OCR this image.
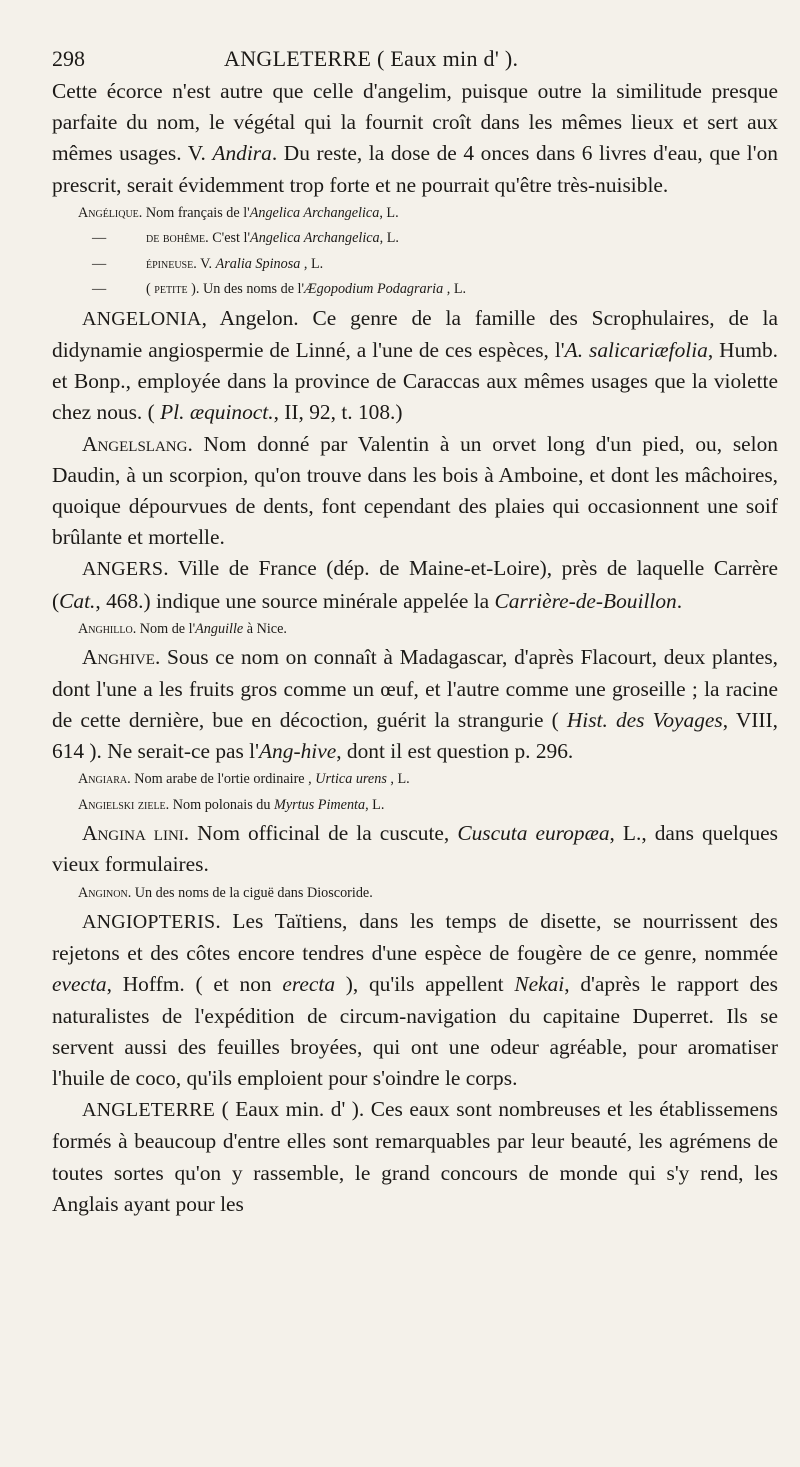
298	ANGLETERRE ( Eaux min d' ).

Cette écorce n'est autre que celle d'angelim, puisque outre la similitude presque parfaite du nom, le végétal qui la fournit croît dans les mêmes lieux et sert aux mêmes usages. V. Andira. Du reste, la dose de 4 onces dans 6 livres d'eau, que l'on prescrit, serait évidemment trop forte et ne pourrait qu'être très-nuisible.

Angélique. Nom français de l'Angelica Archangelica, L.

—	de bohême. C'est l'Angelica Archangelica, L.

—	épineuse. V. Aralia Spinosa , L.

—	( petite ). Un des noms de l'Ægopodium Podagraria , L.

ANGELONIA, Angelon. Ce genre de la famille des Scrophulaires, de la didynamie angiospermie de Linné, a l'une de ces espèces, l'A. salicariæfolia, Humb. et Bonp., employée dans la province de Caraccas aux mêmes usages que la violette chez nous. ( Pl. æquinoct., II, 92, t. 108.)

Angelslang. Nom donné par Valentin à un orvet long d'un pied, ou, selon Daudin, à un scorpion, qu'on trouve dans les bois à Amboine, et dont les mâchoires, quoique dépourvues de dents, font cependant des plaies qui occasionnent une soif brûlante et mortelle.

ANGERS. Ville de France (dép. de Maine-et-Loire), près de laquelle Carrère (Cat., 468.) indique une source minérale appelée la Carrière-de-Bouillon.

Anghillo. Nom de l'Anguille à Nice.

Anghive. Sous ce nom on connaît à Madagascar, d'après Flacourt, deux plantes, dont l'une a les fruits gros comme un œuf, et l'autre comme une groseille ; la racine de cette dernière, bue en décoction, guérit la strangurie ( Hist. des Voyages, VIII, 614 ). Ne serait-ce pas l'Ang-hive, dont il est question p. 296.

Angiara. Nom arabe de l'ortie ordinaire , Urtica urens , L.

Angielski ziele. Nom polonais du Myrtus Pimenta, L.

Angina lini. Nom officinal de la cuscute, Cuscuta europæa, L., dans quelques vieux formulaires.

Anginon. Un des noms de la ciguë dans Dioscoride.

ANGIOPTERIS. Les Taïtiens, dans les temps de disette, se nourrissent des rejetons et des côtes encore tendres d'une espèce de fougère de ce genre, nommée evecta, Hoffm. ( et non erecta ), qu'ils appellent Nekai, d'après le rapport des naturalistes de l'expédition de circum-navigation du capitaine Duperret. Ils se servent aussi des feuilles broyées, qui ont une odeur agréable, pour aromatiser l'huile de coco, qu'ils emploient pour s'oindre le corps.

ANGLETERRE ( Eaux min. d' ). Ces eaux sont nombreuses et les établissemens formés à beaucoup d'entre elles sont remarquables par leur beauté, les agrémens de toutes sortes qu'on y rassemble, le grand concours de monde qui s'y rend, les Anglais ayant pour les
